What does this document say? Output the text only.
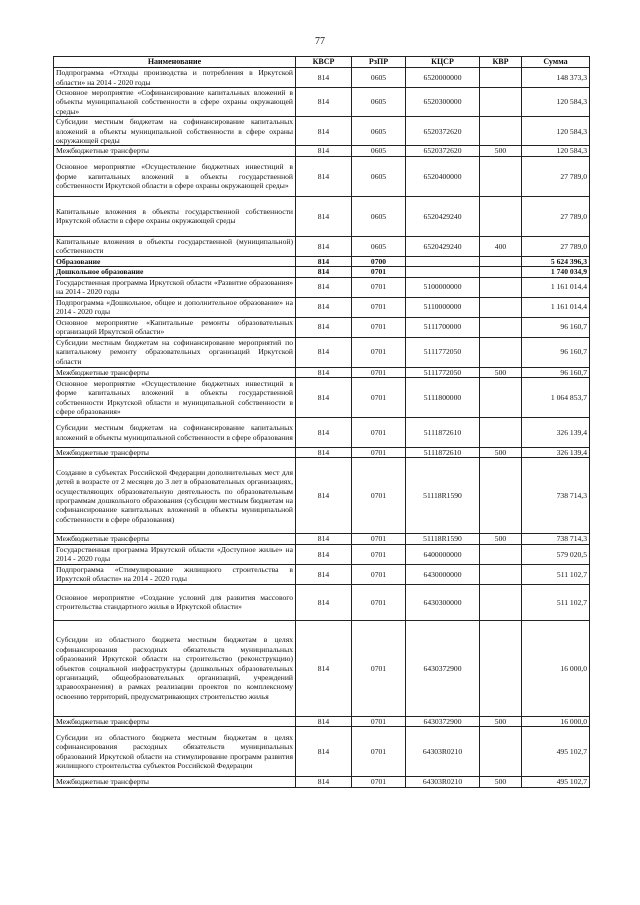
77
Наименование	КВСР	РзПР	КЦСР	КВР	Сумма
Подпрограмма «Отходы производства и потребления в Иркутской области» на 2014 - 2020 годы	814	0605	6520000000		148 373,3
Основное мероприятие «Софинансирование капитальных вложений в объекты муниципальной собственности в сфере охраны окружающей среды»	814	0605	6520300000		120 584,3
Субсидии местным бюджетам на софинансирование капитальных вложений в объекты муниципальной собственности в сфере охраны окружающей среды	814	0605	6520372620		120 584,3
Межбюджетные трансферты	814	0605	6520372620	500	120 584,3
Основное мероприятие «Осуществление бюджетных инвестиций в форме капитальных вложений в объекты государственной собственности Иркутской области в сфере охраны окружающей среды»	814	0605	6520400000		27 789,0
Капитальные вложения в объекты государственной собственности Иркутской области в сфере охраны окружающей среды	814	0605	6520429240		27 789,0
Капитальные вложения в объекты государственной (муниципальной) собственности	814	0605	6520429240	400	27 789,0
Образование	814	0700			5 624 396,3
Дошкольное образование	814	0701			1 740 034,9
Государственная программа Иркутской области «Развитие образования» на 2014 - 2020 годы	814	0701	5100000000		1 161 014,4
Подпрограмма «Дошкольное, общее и дополнительное образование» на 2014 - 2020 годы	814	0701	5110000000		1 161 014,4
Основное мероприятие «Капитальные ремонты образовательных организаций Иркутской области»	814	0701	5111700000		96 160,7
Субсидии местным бюджетам на софинансирование мероприятий по капитальному ремонту образовательных организаций Иркутской области	814	0701	5111772050		96 160,7
Межбюджетные трансферты	814	0701	5111772050	500	96 160,7
Основное мероприятие «Осуществление бюджетных инвестиций в форме капитальных вложений в объекты государственной собственности Иркутской области и муниципальной собственности в сфере образования»	814	0701	5111800000		1 064 853,7
Субсидии местным бюджетам на софинансирование капитальных вложений в объекты муниципальной собственности в сфере образования	814	0701	5111872610		326 139,4
Межбюджетные трансферты	814	0701	5111872610	500	326 139,4
Создание в субъектах Российской Федерации дополнительных мест для детей в возрасте от 2 месяцев до 3 лет в образовательных организациях, осуществляющих образовательную деятельность по образовательным программам дошкольного образования (субсидии местным бюджетам на софинансирование капитальных вложений в объекты муниципальной собственности в сфере образования)	814	0701	51118R1590		738 714,3
Межбюджетные трансферты	814	0701	51118R1590	500	738 714,3
Государственная программа Иркутской области «Доступное жилье» на 2014 - 2020 годы	814	0701	6400000000		579 020,5
Подпрограмма «Стимулирование жилищного строительства в Иркутской области» на 2014 - 2020 годы	814	0701	6430000000		511 102,7
Основное мероприятие «Создание условий для развития массового строительства стандартного жилья в Иркутской области»	814	0701	6430300000		511 102,7
Субсидии из областного бюджета местным бюджетам в целях софинансирования расходных обязательств муниципальных образований Иркутской области на строительство (реконструкцию) объектов социальной инфраструктуры (дошкольных образовательных организаций, общеобразовательных организаций, учреждений здравоохранения) в рамках реализации проектов по комплексному освоению территорий, предусматривающих строительство жилья	814	0701	6430372900		16 000,0
Межбюджетные трансферты	814	0701	6430372900	500	16 000,0
Субсидии из областного бюджета местным бюджетам в целях софинансирования расходных обязательств муниципальных образований Иркутской области на стимулирование программ развития жилищного строительства субъектов Российской Федерации	814	0701	64303R0210		495 102,7
Межбюджетные трансферты	814	0701	64303R0210	500	495 102,7
